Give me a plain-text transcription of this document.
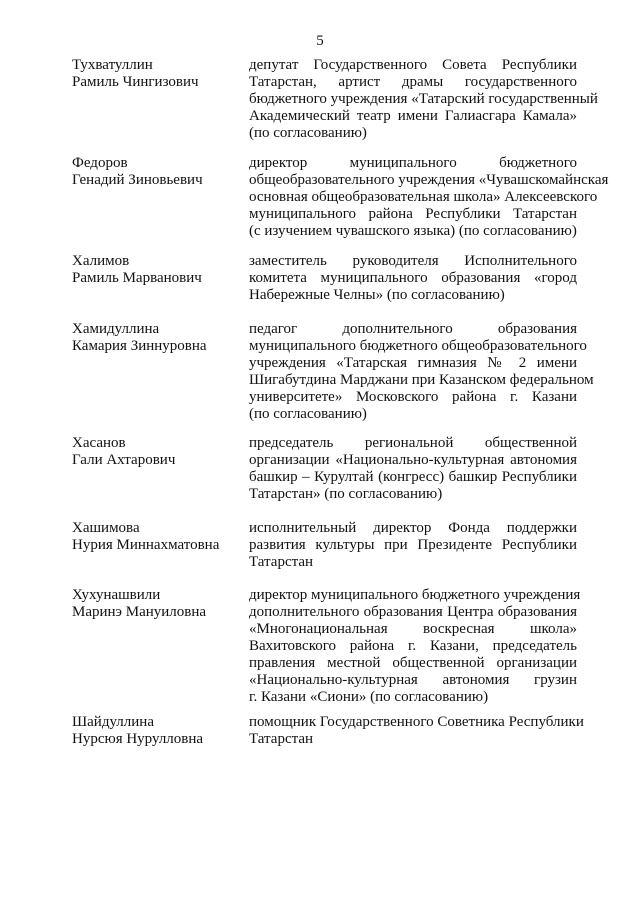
5
Тухватуллин
Рамиль Чингизович
депутат Государственного Совета Республики
Татарстан, артист драмы государственного
бюджетного учреждения «Татарский государственный
Академический театр имени Галиасгара Камала»
(по согласованию)
Федоров
Генадий Зиновьевич
директор муниципального бюджетного
общеобразовательного учреждения «Чувашскомайнская
основная общеобразовательная школа» Алексеевского
муниципального района Республики Татарстан
(с изучением чувашского языка) (по согласованию)
Халимов
Рамиль Марванович
заместитель руководителя Исполнительного
комитета муниципального образования «город
Набережные Челны» (по согласованию)
Хамидуллина
Камария Зиннуровна
педагог дополнительного образования
муниципального бюджетного общеобразовательного
учреждения «Татарская гимназия № 2 имени
Шигабутдина Марджани при Казанском федеральном
университете» Московского района г. Казани
(по согласованию)
Хасанов
Гали Ахтарович
председатель региональной общественной
организации «Национально-культурная автономия
башкир – Курултай (конгресс) башкир Республики
Татарстан» (по согласованию)
Хашимова
Нурия Миннахматовна
исполнительный директор Фонда поддержки
развития культуры при Президенте Республики
Татарстан
Хухунашвили
Маринэ Мануиловна
директор муниципального бюджетного учреждения
дополнительного образования Центра образования
«Многонациональная воскресная школа»
Вахитовского района г. Казани, председатель
правления местной общественной организации
«Национально-культурная автономия грузин
г. Казани «Сиони» (по согласованию)
Шайдуллина
Нурсюя Нурулловна
помощник Государственного Советника Республики
Татарстан
